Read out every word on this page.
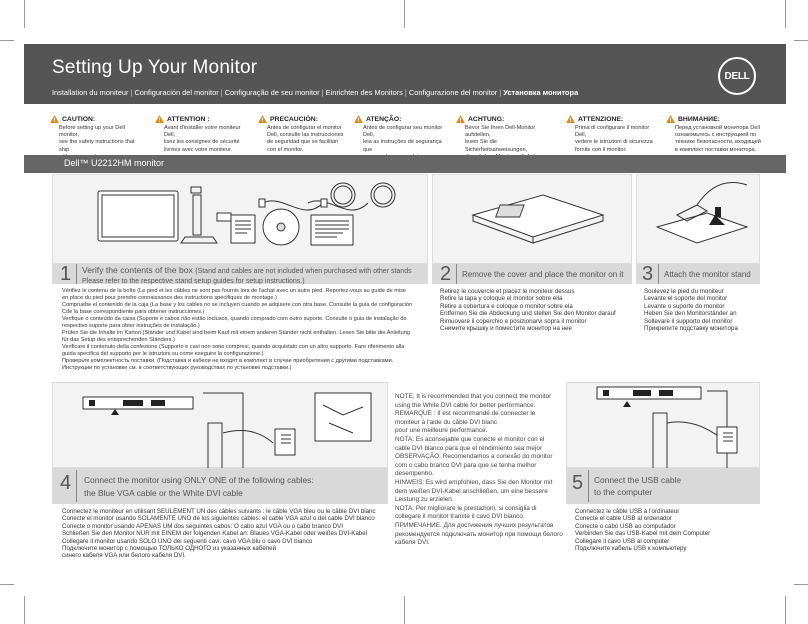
Setting Up Your Monitor
Installation du moniteur | Configuración del monitor | Configuração de seu monitor | Einrichten des Monitors | Configurazione del monitor | Установка монитора
DELL
CAUTION:
Before setting up your Dell monitor,
see the safety instructions that ship
ATTENTION :
Avant d'installer votre moniteur Dell,
lisez les consignes de sécurité
livrées avec votre moniteur.
PRECAUCIÓN:
Antes de configurar el monitor
Dell, consulte las instrucciones
de seguridad que se facilitan
con el monitor.
ATENÇÃO:
Antes de configurar seu monitor Dell,
leia as instruções de segurança que
ACHTUNG:
Bevor Sie Ihren Dell-Monitor aufstellen,
lesen Sie die Sicherheitsanweisungen,
ATTENZIONE:
Prima di configurare il monitor Dell,
vedere le istruzioni di sicurezza
fornite con il monitor.
ВНИМАНИЕ:
Перед установкой монитора Dell
ознакомьтесь с инструкцией по
технике безопасности, входящей
в комплект поставки монитора.
Dell™ U2212HM monitor
1 Verify the contents of the box (Stand and cables are not included when purchased with other stands
Please refer to the respective stand setup guides for setup instructions.)
Vérifiez le contenu de la boîte (Le pied et les câbles ne sont pas fournis lors de l'achat avec un autre pied. Reportez-vous au guide de mise
en place du pied pour prendre connaissance des instructions spécifiques de montage.)
Compruebe el contenido de la caja (La base y los cables no se incluyen cuando se adquiere con otra base. Consulte la guía de configuración
Cde la base correspondiente para obtener instrucciones.)
Verifique o conteúdo da caixa (Suporte e cabos não estão inclusos, quando comprado com outro suporte. Consulte o guia de instalação do
respectivo suporte para obter instruções de instalação.)
Prüfen Sie die Inhalte im Karton (Ständer und Kabel sind beim Kauf mit einem anderen Ständer nicht enthalten. Lesen Sie bitte die Anleitung
für das Setup des entsprechenden Ständers.)
Verificare il contenuto della confezione (Supporto e cavi non sono compresi, quando acquistato con un altro supporto. Fare riferimento alla
guida specifica del supporto per le istruzioni su come eseguire la configurazione.)
Проверьте комплектность поставки. (Подставка и кабели не входят в комплект в случае приобретения с другими подставками.
Инструкции по установке см. в соответствующих руководствах по установке подставки.)
2 Remove the cover and place the monitor on it
Retirez le couvercle et placez le moniteur dessus
Retire la tapa y coloque el monitor sobre ella
Retire a cobertura e coloque o monitor sobre ela
Entfernen Sie die Abdeckung und stellen Sie den Monitor darauf
Rimuovere il coperchio e posizionarvi sopra il monitor
Снимите крышку и поместите монитор на нее
3 Attach the monitor stand
Soulevez le pied du moniteur
Levante el soporte del monitor
Levante o suporte do monitor
Heben Sie den Monitorständer an
Sollevare il supporto del monitor
Прикрепите подставку монитора
4 Connect the monitor using ONLY ONE of the following cables:
the Blue VGA cable or the White DVI cable
Connectez le moniteur en utilisant SEULEMENT UN des câbles suivants : le câble VGA bleu ou le câble DVI blanc
Conecte el monitor usando SOLAMENTE UNO de los siguientes cables: el cable VGA azul o del cable DVI blanco
Conecte o monitor usando APENAS UM dos seguintes cabos: O cabo azul VGA ou o cabo branco DVI
Schließen Sie den Monitor NUR mit EINEM der folgenden Kabel an: Blaues VGA-Kabel oder weißes DVI-Kabel
Collegare il monitor usando SOLO UNO dei seguenti cavi: cavo VGA blu o cavo DVI bianco
Подключите монитор с помощью ТОЛЬКО ОДНОГО из указанных кабелей
синего кабеля VGA или белого кабеля DVI.
NOTE: It is recommended that you connect the monitor
using the White DVI cable for better performance.
REMARQUE : Il est recommandé de connecter le
moniteur à l'aide du câble DVI blanc
pour une meilleure performance.
NOTA: Es aconsejable que conecte el monitor con el
cable DVI blanco para que el rendimiento sea mejor
OBSERVAÇÃO: Recomendamos a conexão do monitor
com o cabo branco DVI para que se tenha melhor
desempenho.
HINWEIS: Es wird empfohlen, dass Sie den Monitor mit
dem weißen DVI-Kabel anschließen, um eine bessere
Leistung zu erzielen.
NOTA: Per migliorare le prestazioni, si consiglia di
collegare il monitor tramite il cavo DVI bianco.
ПРИМЕЧАНИЕ. Для достижения лучших результатов
рекомендуется подключать монитор при помощи белого
кабеля DVI.
5 Connect the USB cable
to the computer
Connectez le câble USB à l'ordinateur
Conecte el cable USB al ordenador
Conecte o cabo USB ao computador
Verbinden Sie das USB-Kabel mit dem Computer
Collegare il cavo USB al computer
Подключите кабель USB к компьютеру
